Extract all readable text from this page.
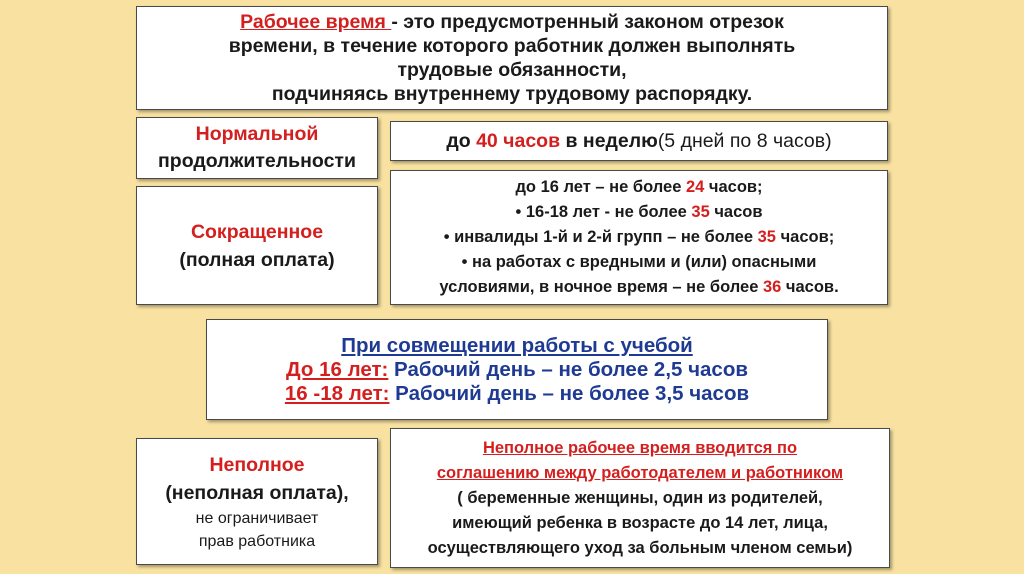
Рабочее время - это предусмотренный законом отрезок
времени, в течение которого работник должен выполнять
трудовые обязанности,
подчиняясь внутреннему трудовому распорядку.
Нормальной
продолжительности
до 40 часов в неделю(5 дней по 8 часов)
Сокращенное
(полная оплата)
до 16 лет – не более 24 часов;
• 16-18 лет - не более 35 часов
• инвалиды 1-й и 2-й групп – не более 35 часов;
• на работах с вредными и (или) опасными
условиями, в ночное время – не более 36 часов.
При совмещении работы с учебой
До 16 лет: Рабочий день – не более 2,5 часов
16 -18 лет: Рабочий день – не более 3,5 часов
Неполное
(неполная оплата),
не ограничивает
прав работника
Неполное рабочее время вводится по
соглашению между работодателем и работником
( беременные женщины, один из родителей,
имеющий ребенка в возрасте до 14 лет, лица,
осуществляющего уход за больным членом семьи)
